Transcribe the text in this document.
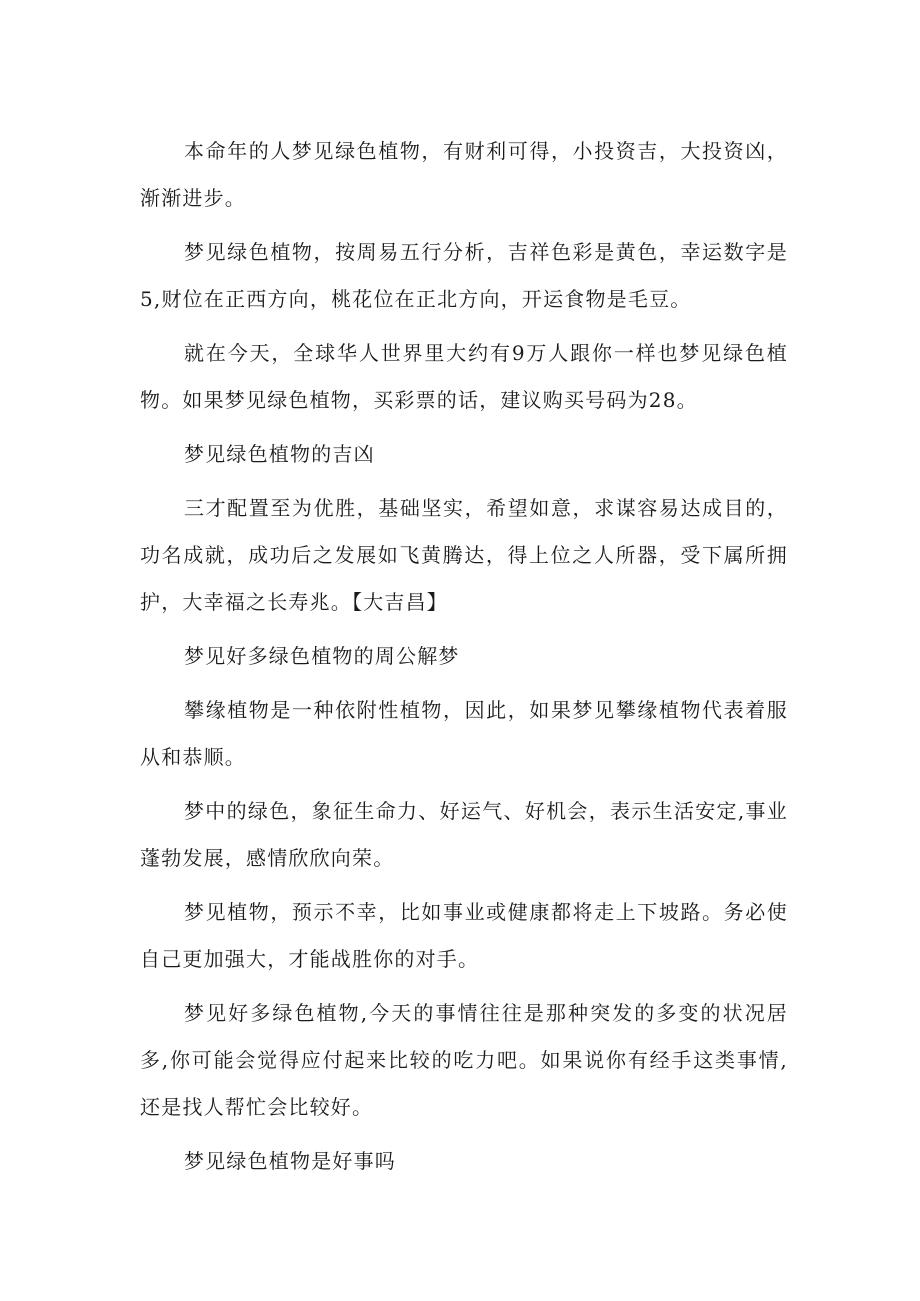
本命年的人梦见绿色植物，有财利可得，小投资吉，大投资凶，渐渐进步。

梦见绿色植物，按周易五行分析，吉祥色彩是黄色，幸运数字是5,财位在正西方向，桃花位在正北方向，开运食物是毛豆。

就在今天，全球华人世界里大约有9万人跟你一样也梦见绿色植物。如果梦见绿色植物，买彩票的话，建议购买号码为28。

梦见绿色植物的吉凶

三才配置至为优胜，基础坚实，希望如意，求谋容易达成目的，功名成就，成功后之发展如飞黄腾达，得上位之人所器，受下属所拥护，大幸福之长寿兆。【大吉昌】

梦见好多绿色植物的周公解梦

攀缘植物是一种依附性植物，因此，如果梦见攀缘植物代表着服从和恭顺。

梦中的绿色，象征生命力、好运气、好机会，表示生活安定,事业蓬勃发展，感情欣欣向荣。

梦见植物，预示不幸，比如事业或健康都将走上下坡路。务必使自己更加强大，才能战胜你的对手。

梦见好多绿色植物,今天的事情往往是那种突发的多变的状况居多,你可能会觉得应付起来比较的吃力吧。如果说你有经手这类事情,还是找人帮忙会比较好。

梦见绿色植物是好事吗
